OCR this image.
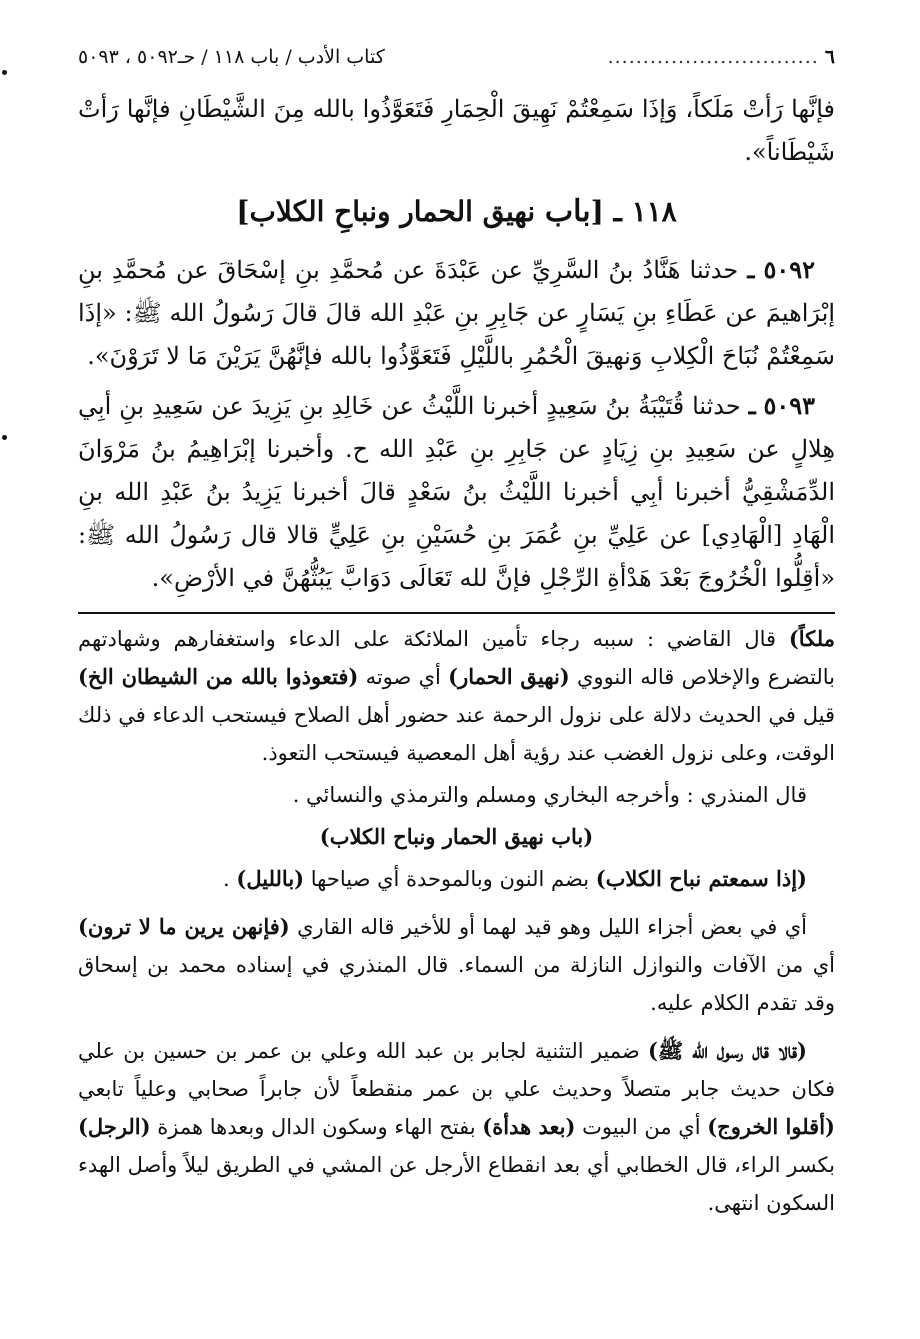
٦
..............................
كتاب الأدب / باب ١١٨ / حـ٥٠٩٢ ، ٥٠٩٣

فإنَّها رَأتْ مَلَكاً، وَإذَا سَمِعْتُمْ نَهِيقَ الْحِمَارِ فَتَعَوَّذُوا بالله مِنَ الشَّيْطَانِ فإنَّها رَأتْ شَيْطَاناً».

١١٨ ـ [باب نهيق الحمار ونباحِ الكلاب]

٥٠٩٢ ـ حدثنا هَنَّادُ بنُ السَّرِيِّ عن عَبْدَةَ عن مُحمَّدِ بنِ إسْحَاقَ عن مُحمَّدِ بنِ إبْرَاهيمَ عن عَطَاءِ بنِ يَسَارٍ عن جَابِرِ بنِ عَبْدِ الله قالَ قالَ رَسُولُ الله ﷺ: «إذَا سَمِعْتُمْ نُبَاحَ الْكِلابِ وَنهيقَ الْحُمُرِ باللَّيْلِ فَتَعَوَّذُوا بالله فإنَّهُنَّ يَرَيْنَ مَا لا تَرَوْنَ».

٥٠٩٣ ـ حدثنا قُتَيْبَةُ بنُ سَعِيدٍ أخبرنا اللَّيْثُ عن خَالِدِ بنِ يَزِيدَ عن سَعِيدِ بنِ أبِي هِلالٍ عن سَعِيدِ بنِ زِيَادٍ عن جَابِرِ بنِ عَبْدِ الله ح. وأخبرنا إبْرَاهِيمُ بنُ مَرْوَانَ الدِّمَشْقِيُّ أخبرنا أبِي أخبرنا اللَّيْثُ بنُ سَعْدٍ قالَ أخبرنا يَزِيدُ بنُ عَبْدِ الله بنِ الْهَادِ [الْهَادِي] عن عَلِيِّ بنِ عُمَرَ بنِ حُسَيْنِ بنِ عَلِيٍّ قالا قال رَسُولُ الله ﷺ: «أقِلُّوا الْخُرُوجَ بَعْدَ هَدْأةِ الرِّجْلِ فإنَّ لله تَعَالَى دَوَابَّ يَبُثُّهُنَّ في الأرْضِ».

ملكاً) قال القاضي : سببه رجاء تأمين الملائكة على الدعاء واستغفارهم وشهادتهم بالتضرع والإخلاص قاله النووي (نهيق الحمار) أي صوته (فتعوذوا بالله من الشيطان الخ) قيل في الحديث دلالة على نزول الرحمة عند حضور أهل الصلاح فيستحب الدعاء في ذلك الوقت، وعلى نزول الغضب عند رؤية أهل المعصية فيستحب التعوذ.

قال المنذري : وأخرجه البخاري ومسلم والترمذي والنسائي .

(باب نهيق الحمار ونباح الكلاب)

(إذا سمعتم نباح الكلاب) بضم النون وبالموحدة أي صياحها (بالليل) .

أي في بعض أجزاء الليل وهو قيد لهما أو للأخير قاله القاري (فإنهن يرين ما لا ترون) أي من الآفات والنوازل النازلة من السماء. قال المنذري في إسناده محمد بن إسحاق وقد تقدم الكلام عليه.

(قالا قال رسول الله ﷺ) ضمير التثنية لجابر بن عبد الله وعلي بن عمر بن حسين بن علي فكان حديث جابر متصلاً وحديث علي بن عمر منقطعاً لأن جابراً صحابي وعلياً تابعي (أقلوا الخروج) أي من البيوت (بعد هدأة) بفتح الهاء وسكون الدال وبعدها همزة (الرجل) بكسر الراء، قال الخطابي أي بعد انقطاع الأرجل عن المشي في الطريق ليلاً وأصل الهدء السكون انتهى.
